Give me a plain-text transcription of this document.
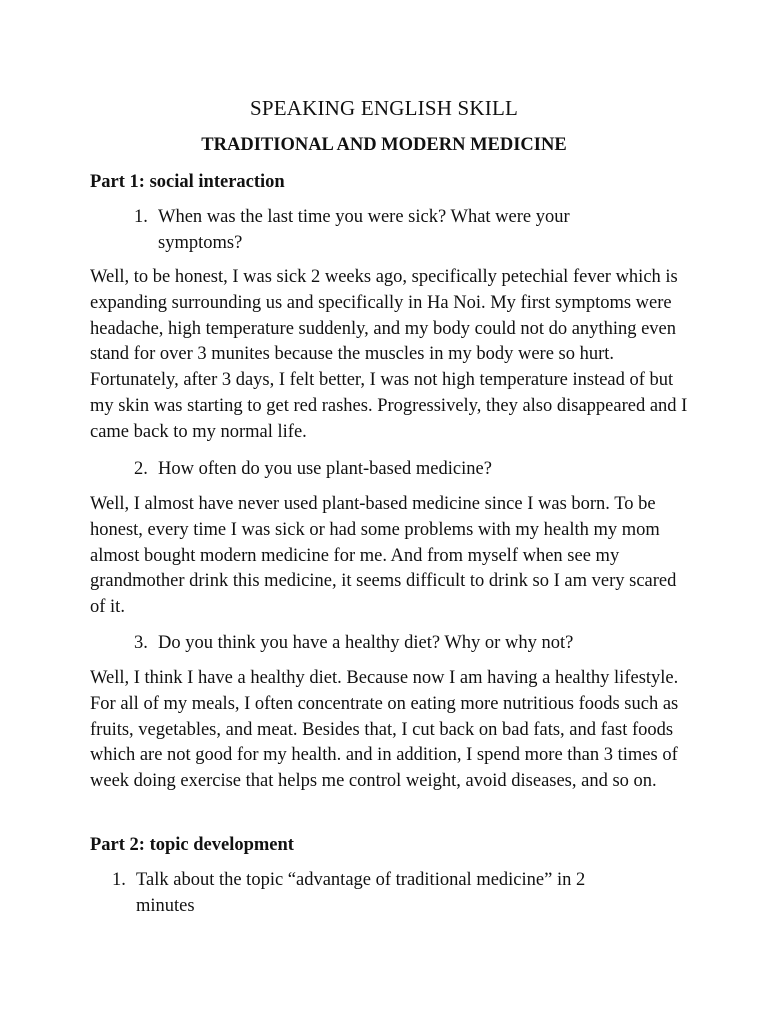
SPEAKING ENGLISH SKILL
TRADITIONAL AND MODERN MEDICINE
Part 1: social interaction
1. When was the last time you were sick? What were your symptoms?
Well, to be honest, I was sick 2 weeks ago, specifically petechial fever which is expanding surrounding us and specifically in Ha Noi. My first symptoms were headache, high temperature suddenly, and my body could not do anything even stand for over 3 munites because the muscles in my body were so hurt. Fortunately, after 3 days, I felt better, I was not high temperature instead of but my skin was starting to get red rashes. Progressively, they also disappeared and I came back to my normal life.
2. How often do you use plant-based medicine?
Well, I almost have never used plant-based medicine since I was born. To be honest, every time I was sick or had some problems with my health my mom almost bought modern medicine for me. And from myself when see my grandmother drink this medicine, it seems difficult to drink so I am very scared of it.
3. Do you think you have a healthy diet? Why or why not?
Well, I think I have a healthy diet. Because now I am having a healthy lifestyle. For all of my meals, I often concentrate on eating more nutritious foods such as fruits, vegetables, and meat. Besides that, I cut back on bad fats, and fast foods which are not good for my health. and in addition, I spend more than 3 times of week doing exercise that helps me control weight, avoid diseases, and so on.
Part 2: topic development
1. Talk about the topic “advantage of traditional medicine” in 2 minutes
